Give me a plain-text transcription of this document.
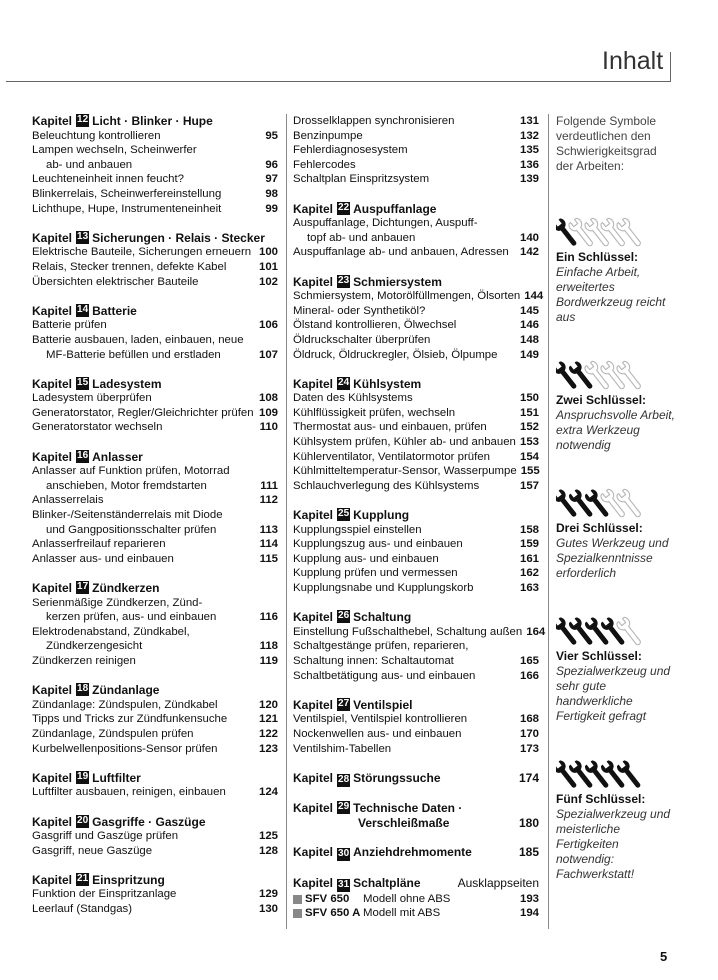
Inhalt
Kapitel 12 Licht · Blinker · Hupe
Beleuchtung kontrollieren	95
Lampen wechseln, Scheinwerfer
ab- und anbauen	96
Leuchteneinheit innen feucht?	97
Blinkerrelais, Scheinwerfereinstellung	98
Lichthupe, Hupe, Instrumenteneinheit	99
Kapitel 13 Sicherungen · Relais · Stecker
Elektrische Bauteile, Sicherungen erneuern 100
Relais, Stecker trennen, defekte Kabel	101
Übersichten elektrischer Bauteile	102
Kapitel 14 Batterie
Batterie prüfen	106
Batterie ausbauen, laden, einbauen, neue
MF-Batterie befüllen und erstladen	107
Kapitel 15 Ladesystem
Ladesystem überprüfen	108
Generatorstator, Regler/Gleichrichter prüfen 109
Generatorstator wechseln	110
Kapitel 16 Anlasser
Anlasser auf Funktion prüfen, Motorrad
anschieben, Motor fremdstarten	111
Anlasserrelais	112
Blinker-/Seitenständerrelais mit Diode
und Gangpositionsschalter prüfen	113
Anlasserfreilauf reparieren	114
Anlasser aus- und einbauen	115
Kapitel 17 Zündkerzen
Serienmäßige Zündkerzen, Zünd-
kerzen prüfen, aus- und einbauen	116
Elektrodenabstand, Zündkabel,
Zündkerzengesicht	118
Zündkerzen reinigen	119
Kapitel 18 Zündanlage
Zündanlage: Zündspulen, Zündkabel	120
Tipps und Tricks zur Zündfunkensuche	121
Zündanlage, Zündspulen prüfen	122
Kurbelwellenpositions-Sensor prüfen	123
Kapitel 19 Luftfilter
Luftfilter ausbauen, reinigen, einbauen	124
Kapitel 20 Gasgriffe · Gaszüge
Gasgriff und Gaszüge prüfen	125
Gasgriff, neue Gaszüge	128
Kapitel 21 Einspritzung
Funktion der Einspritzanlage	129
Leerlauf (Standgas)	130
Drosselklappen synchronisieren	131
Benzinpumpe	132
Fehlerdiagnosesystem	135
Fehlercodes	136
Schaltplan Einspritzsystem	139
Kapitel 22 Auspuffanlage
Auspuffanlage, Dichtungen, Auspuff-
topf ab- und anbauen	140
Auspuffanlage ab- und anbauen, Adressen 142
Kapitel 23 Schmiersystem
Schmiersystem, Motorölfüllmengen, Ölsorten 144
Mineral- oder Synthetiköl?	145
Ölstand kontrollieren, Ölwechsel	146
Öldruckschalter überprüfen	148
Öldruck, Öldruckregler, Ölsieb, Ölpumpe	149
Kapitel 24 Kühlsystem
Daten des Kühlsystems	150
Kühlflüssigkeit prüfen, wechseln	151
Thermostat aus- und einbauen, prüfen	152
Kühlsystem prüfen, Kühler ab- und anbauen 153
Kühlerventilator, Ventilatormotor prüfen	154
Kühlmitteltemperatur-Sensor, Wasserpumpe 155
Schlauchverlegung des Kühlsystems	157
Kapitel 25 Kupplung
Kupplungsspiel einstellen	158
Kupplungszug aus- und einbauen	159
Kupplung aus- und einbauen	161
Kupplung prüfen und vermessen	162
Kupplungsnabe und Kupplungskorb	163
Kapitel 26 Schaltung
Einstellung Fußschalthebel, Schaltung außen 164
Schaltgestänge prüfen, reparieren,
Schaltung innen: Schaltautomat	165
Schaltbetätigung aus- und einbauen	166
Kapitel 27 Ventilspiel
Ventilspiel, Ventilspiel kontrollieren	168
Nockenwellen aus- und einbauen	170
Ventilshim-Tabellen	173
Kapitel 28 Störungssuche	174
Kapitel 29 Technische Daten ·
Verschleißmaße	180
Kapitel 30 Anziehdrehmomente	185
Kapitel 31 Schaltpläne	Ausklappseiten
SFV 650	Modell ohne ABS	193
SFV 650 A Modell mit ABS	194
Folgende Symbole verdeutlichen den Schwierigkeitsgrad der Arbeiten:
Ein Schlüssel:
Einfache Arbeit, erweitertes Bordwerkzeug reicht aus
Zwei Schlüssel:
Anspruchsvolle Arbeit, extra Werkzeug notwendig
Drei Schlüssel:
Gutes Werkzeug und Spezialkenntnisse erforderlich
Vier Schlüssel:
Spezialwerkzeug und sehr gute handwerkliche Fertigkeit gefragt
Fünf Schlüssel:
Spezialwerkzeug und meisterliche Fertigkeiten notwendig: Fachwerkstatt!
5
